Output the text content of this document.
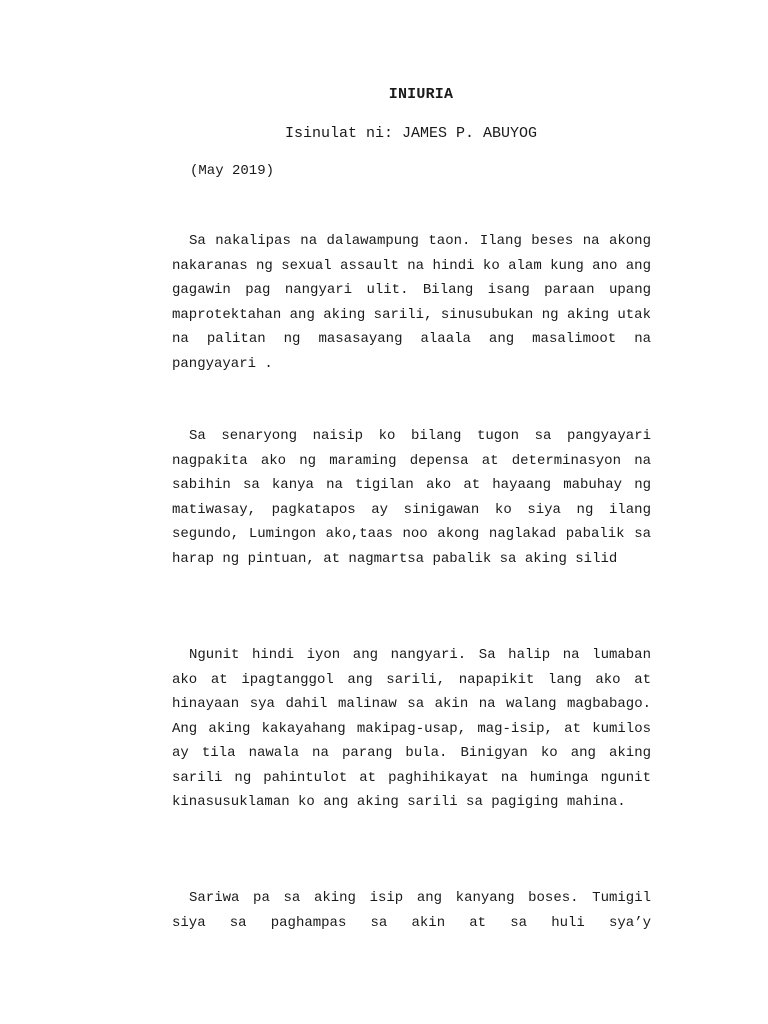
INIURIA
Isinulat ni: JAMES P. ABUYOG
(May 2019)

Sa nakalipas na dalawampung taon. Ilang beses na akong nakaranas ng sexual assault na hindi ko alam kung ano ang gagawin pag nangyari ulit. Bilang isang paraan upang maprotektahan ang aking sarili, sinusubukan ng aking utak na palitan ng masasayang alaala ang masalimoot na pangyayari .

Sa senaryong naisip ko bilang tugon sa pangyayari nagpakita ako ng maraming depensa at determinasyon na sabihin sa kanya na tigilan ako at hayaang mabuhay ng matiwasay, pagkatapos ay sinigawan ko siya ng ilang segundo, Lumingon ako,taas noo akong naglakad pabalik sa harap ng pintuan, at nagmartsa pabalik sa aking silid

Ngunit hindi iyon ang nangyari. Sa halip na lumaban ako at ipagtanggol ang sarili, napapikit lang ako at hinayaan sya dahil malinaw sa akin na walang magbabago. Ang aking kakayahang makipag-usap, mag-isip, at kumilos ay tila nawala na parang bula. Binigyan ko ang aking sarili ng pahintulot at paghihikayat na huminga ngunit kinasusuklaman ko ang aking sarili sa pagiging mahina.

Sariwa pa sa aking isip ang kanyang boses. Tumigil siya sa paghampas sa akin at sa huli sya’y
